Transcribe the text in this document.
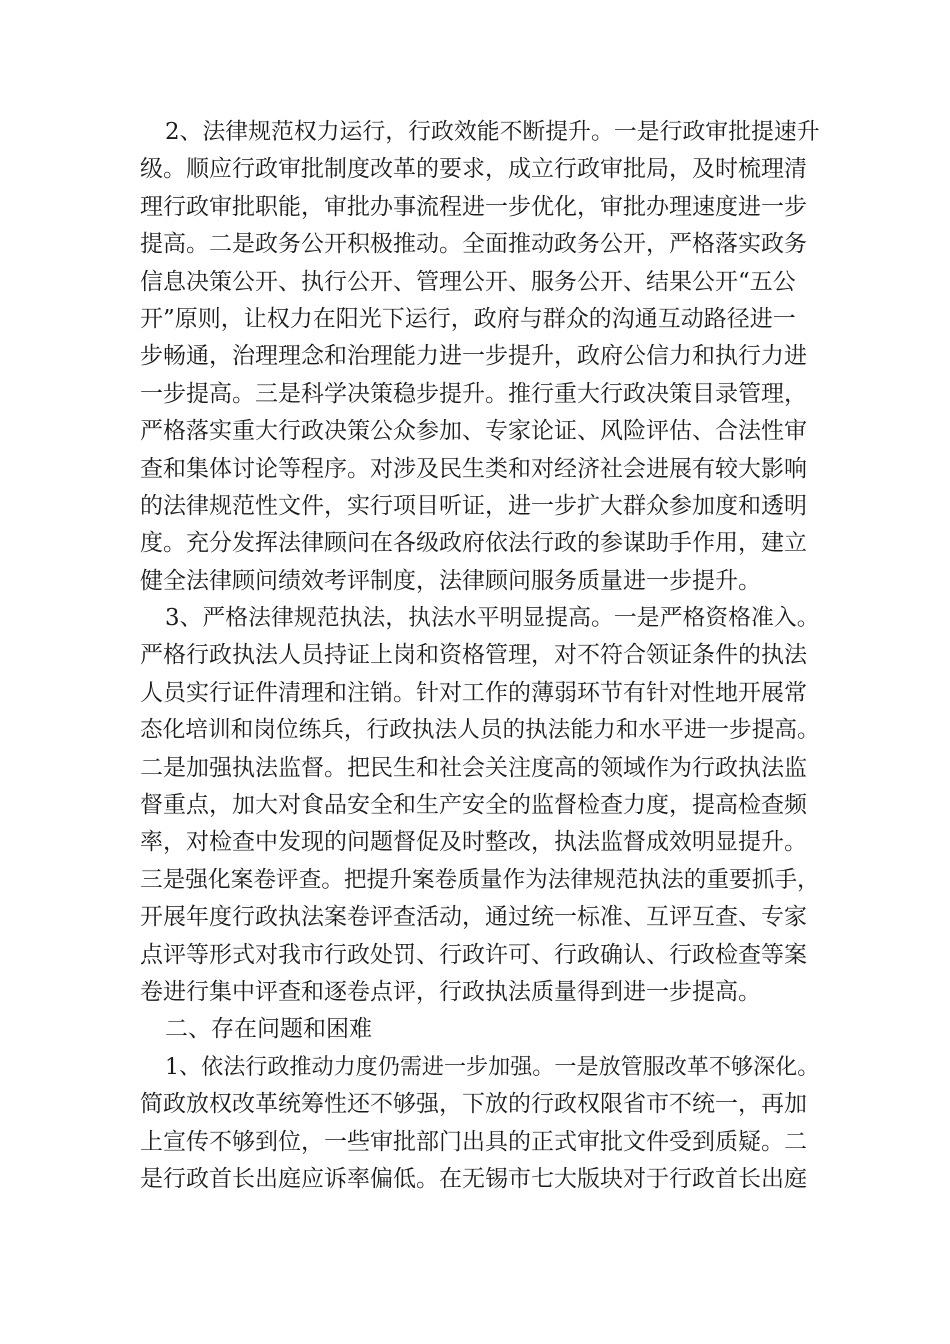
2、法律规范权力运行，行政效能不断提升。一是行政审批提速升
级。顺应行政审批制度改革的要求，成立行政审批局，及时梳理清
理行政审批职能，审批办事流程进一步优化，审批办理速度进一步
提高。二是政务公开积极推动。全面推动政务公开，严格落实政务
信息决策公开、执行公开、管理公开、服务公开、结果公开“五公
开”原则，让权力在阳光下运行，政府与群众的沟通互动路径进一
步畅通，治理理念和治理能力进一步提升，政府公信力和执行力进
一步提高。三是科学决策稳步提升。推行重大行政决策目录管理，
严格落实重大行政决策公众参加、专家论证、风险评估、合法性审
查和集体讨论等程序。对涉及民生类和对经济社会进展有较大影响
的法律规范性文件，实行项目听证，进一步扩大群众参加度和透明
度。充分发挥法律顾问在各级政府依法行政的参谋助手作用，建立
健全法律顾问绩效考评制度，法律顾问服务质量进一步提升。
3、严格法律规范执法，执法水平明显提高。一是严格资格准入。
严格行政执法人员持证上岗和资格管理，对不符合领证条件的执法
人员实行证件清理和注销。针对工作的薄弱环节有针对性地开展常
态化培训和岗位练兵，行政执法人员的执法能力和水平进一步提高。
二是加强执法监督。把民生和社会关注度高的领域作为行政执法监
督重点，加大对食品安全和生产安全的监督检查力度，提高检查频
率，对检查中发现的问题督促及时整改，执法监督成效明显提升。
三是强化案卷评查。把提升案卷质量作为法律规范执法的重要抓手，
开展年度行政执法案卷评查活动，通过统一标准、互评互查、专家
点评等形式对我市行政处罚、行政许可、行政确认、行政检查等案
卷进行集中评查和逐卷点评，行政执法质量得到进一步提高。
二、存在问题和困难
1、依法行政推动力度仍需进一步加强。一是放管服改革不够深化。
简政放权改革统筹性还不够强，下放的行政权限省市不统一，再加
上宣传不够到位，一些审批部门出具的正式审批文件受到质疑。二
是行政首长出庭应诉率偏低。在无锡市七大版块对于行政首长出庭
